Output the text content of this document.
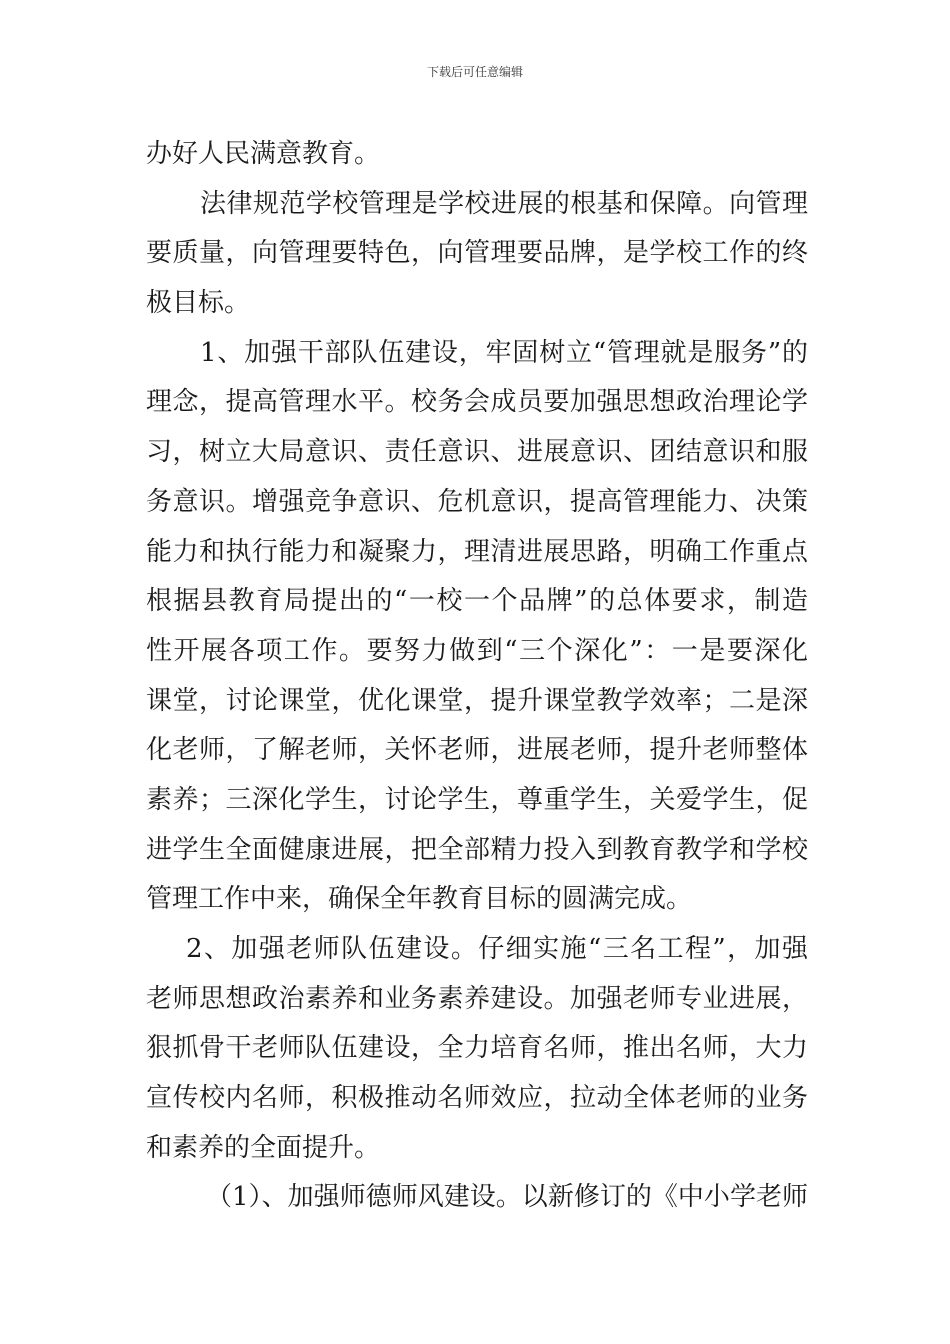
下载后可任意编辑
办好人民满意教育。
法律规范学校管理是学校进展的根基和保障。向管理
要质量，向管理要特色，向管理要品牌，是学校工作的终
极目标。
1、加强干部队伍建设，牢固树立“管理就是服务”的
理念，提高管理水平。校务会成员要加强思想政治理论学
习，树立大局意识、责任意识、进展意识、团结意识和服
务意识。增强竞争意识、危机意识，提高管理能力、决策
能力和执行能力和凝聚力，理清进展思路，明确工作重点
根据县教育局提出的“一校一个品牌”的总体要求，制造
性开展各项工作。要努力做到“三个深化”：一是要深化
课堂，讨论课堂，优化课堂，提升课堂教学效率；二是深
化老师，了解老师，关怀老师，进展老师，提升老师整体
素养；三深化学生，讨论学生，尊重学生，关爱学生，促
进学生全面健康进展，把全部精力投入到教育教学和学校
管理工作中来，确保全年教育目标的圆满完成。
2、加强老师队伍建设。仔细实施“三名工程”，加强
老师思想政治素养和业务素养建设。加强老师专业进展，
狠抓骨干老师队伍建设，全力培育名师，推出名师，大力
宣传校内名师，积极推动名师效应，拉动全体老师的业务
和素养的全面提升。
（1）、加强师德师风建设。以新修订的《中小学老师
